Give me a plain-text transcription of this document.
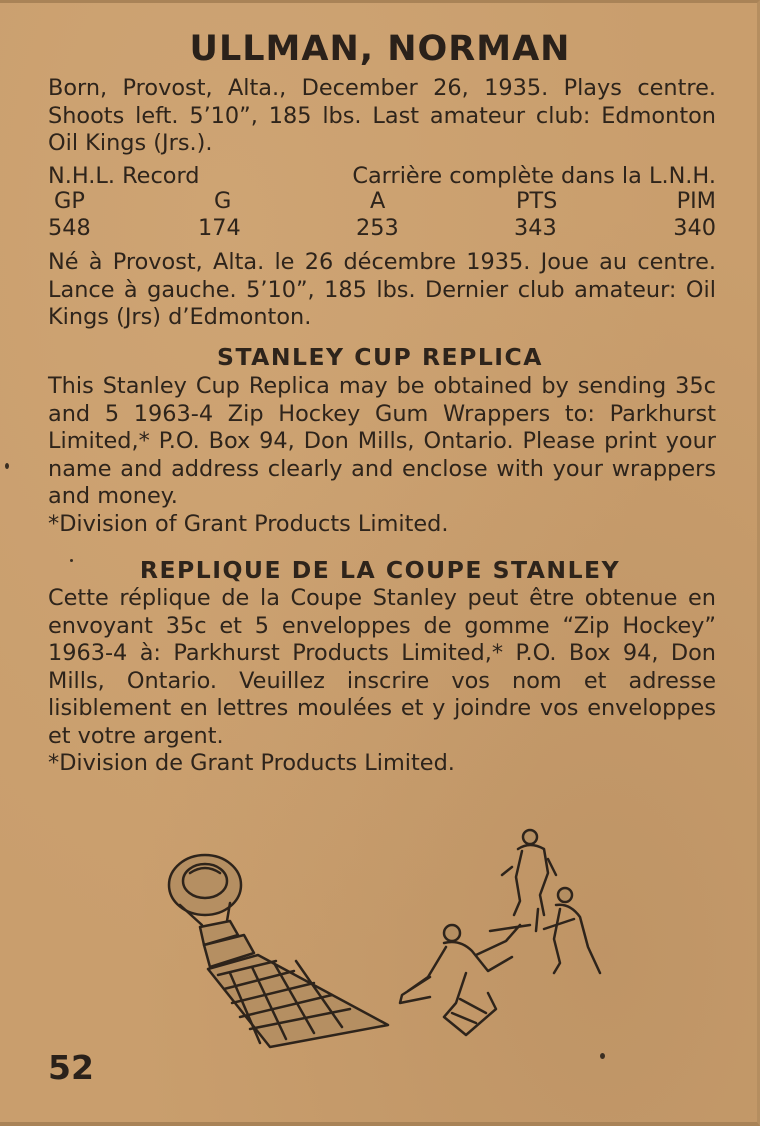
ULLMAN, NORMAN
Born, Provost, Alta., December 26, 1935. Plays centre. Shoots left. 5’10”, 185 lbs. Last amateur club: Edmonton Oil Kings (Jrs.).
N.H.L. Record	Carrière complète dans la L.N.H.
GP	G	A	PTS	PIM
548	174	253	343	340
Né à Provost, Alta. le 26 décembre 1935. Joue au centre. Lance à gauche. 5’10”, 185 lbs. Dernier club amateur: Oil Kings (Jrs) d’Edmonton.
STANLEY CUP REPLICA
This Stanley Cup Replica may be obtained by sending 35c and 5 1963-4 Zip Hockey Gum Wrappers to: Parkhurst Limited,* P.O. Box 94, Don Mills, Ontario. Please print your name and address clearly and enclose with your wrappers and money.
*Division of Grant Products Limited.
REPLIQUE DE LA COUPE STANLEY
Cette réplique de la Coupe Stanley peut être obtenue en envoyant 35c et 5 enveloppes de gomme “Zip Hockey” 1963-4 à: Parkhurst Products Limited,* P.O. Box 94, Don Mills, Ontario. Veuillez inscrire vos nom et adresse lisiblement en lettres moulées et y joindre vos enveloppes et votre argent.
*Division de Grant Products Limited.
52
